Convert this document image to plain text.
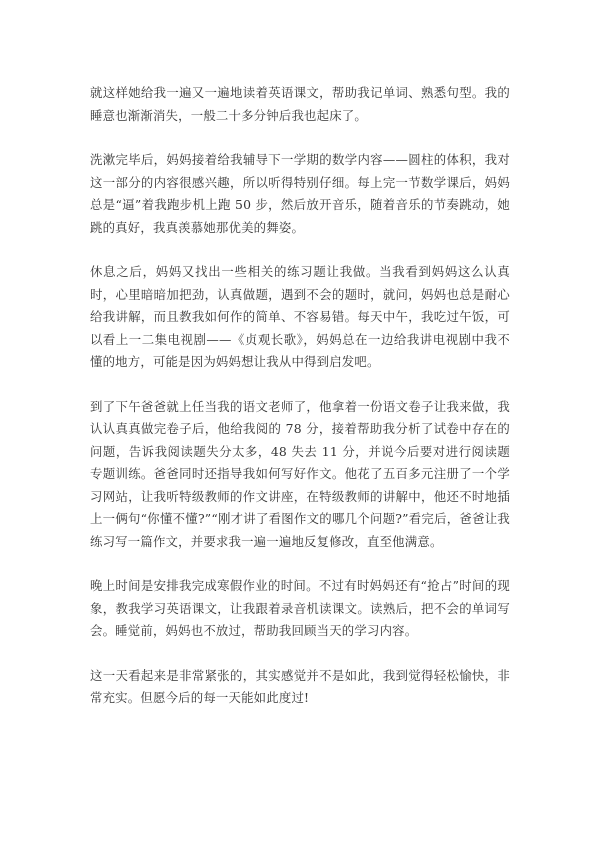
就这样她给我一遍又一遍地读着英语课文，帮助我记单词、熟悉句型。我的睡意也渐渐消失，一般二十多分钟后我也起床了。

洗漱完毕后，妈妈接着给我辅导下一学期的数学内容——圆柱的体积，我对这一部分的内容很感兴趣，所以听得特别仔细。每上完一节数学课后，妈妈总是“逼”着我跑步机上跑 50 步，然后放开音乐，随着音乐的节奏跳动，她跳的真好，我真羡慕她那优美的舞姿。

休息之后，妈妈又找出一些相关的练习题让我做。当我看到妈妈这么认真时，心里暗暗加把劲，认真做题，遇到不会的题时，就问，妈妈也总是耐心给我讲解，而且教我如何作的简单、不容易错。每天中午，我吃过午饭，可以看上一二集电视剧——《贞观长歌》，妈妈总在一边给我讲电视剧中我不懂的地方，可能是因为妈妈想让我从中得到启发吧。

到了下午爸爸就上任当我的语文老师了，他拿着一份语文卷子让我来做，我认认真真做完卷子后，他给我阅的 78 分，接着帮助我分析了试卷中存在的问题，告诉我阅读题失分太多，48 失去 11 分，并说今后要对进行阅读题专题训练。爸爸同时还指导我如何写好作文。他花了五百多元注册了一个学习网站，让我听特级教师的作文讲座，在特级教师的讲解中，他还不时地插上一俩句“你懂不懂?”“刚才讲了看图作文的哪几个问题?”看完后，爸爸让我练习写一篇作文，并要求我一遍一遍地反复修改，直至他满意。

晚上时间是安排我完成寒假作业的时间。不过有时妈妈还有“抢占”时间的现象，教我学习英语课文，让我跟着录音机读课文。读熟后，把不会的单词写会。睡觉前，妈妈也不放过，帮助我回顾当天的学习内容。

这一天看起来是非常紧张的，其实感觉并不是如此，我到觉得轻松愉快，非常充实。但愿今后的每一天能如此度过!
